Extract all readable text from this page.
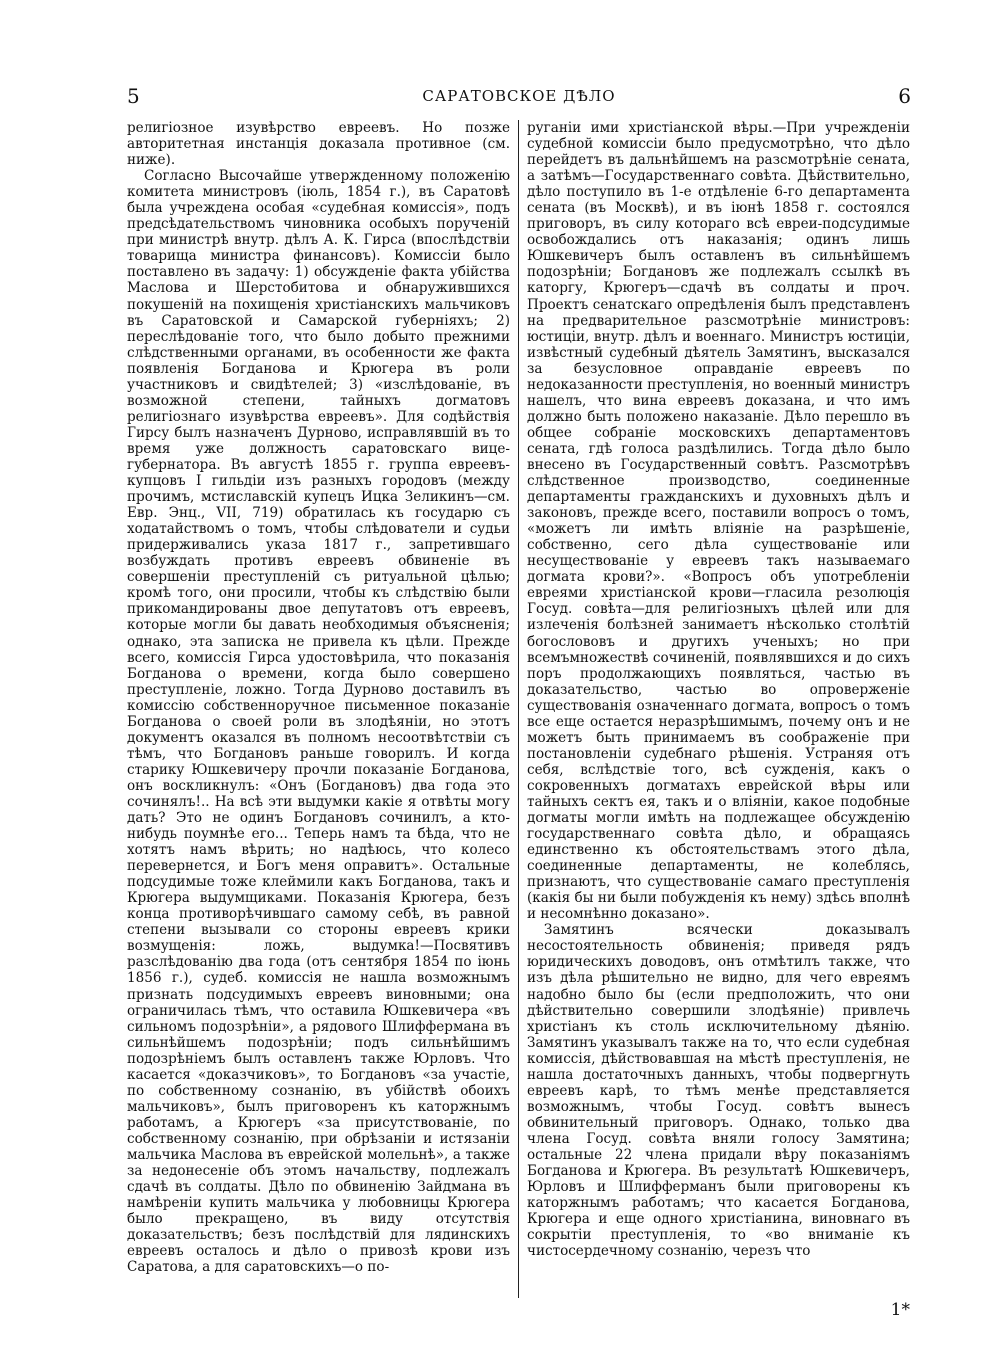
5	САРАТОВСКОЕ ДѢЛО	6

религіозное изувѣрство евреевъ. Но позже авторитетная инстанція доказала противное (см. ниже).

Согласно Высочайше утвержденному положенію комитета министровъ (іюль, 1854 г.), въ Саратовѣ была учреждена особая «судебная комиссія», подъ предсѣдательствомъ чиновника особыхъ порученій при министрѣ внутр. дѣлъ А. К. Гирса (впослѣдствіи товарища министра финансовъ). Комиссіи было поставлено въ задачу: 1) обсужденіе факта убійства Маслова и Шерстобитова и обнаружившихся покушеній на похищенія христіанскихъ мальчиковъ въ Саратовской и Самарской губерніяхъ; 2) переслѣдованіе того, что было добыто прежними слѣдственными органами, въ особенности же факта появленія Богданова и Крюгера въ роли участниковъ и свидѣтелей; 3) «изслѣдованіе, въ возможной степени, тайныхъ догматовъ религіознаго изувѣрства евреевъ». Для содѣйствія Гирсу былъ назначенъ Дурново, исправлявшій въ то время уже должность саратовскаго вице-губернатора. Въ августѣ 1855 г. группа евреевъ-купцовъ I гильдіи изъ разныхъ городовъ (между прочимъ, мстиславскій купецъ Ицка Зеликинъ—см. Евр. Энц., VII, 719) обратилась къ государю съ ходатайствомъ о томъ, чтобы слѣдователи и судьи придерживались указа 1817 г., запретившаго возбуждать противъ евреевъ обвиненіе въ совершеніи преступленій съ ритуальной цѣлью; кромѣ того, они просили, чтобы къ слѣдствію были прикомандированы двое депутатовъ отъ евреевъ, которые могли бы давать необходимыя объясненія; однако, эта записка не привела къ цѣли. Прежде всего, комиссія Гирса удостовѣрила, что показанія Богданова о времени, когда было совершено преступленіе, ложно. Тогда Дурново доставилъ въ комиссію собственноручное письменное показаніе Богданова о своей роли въ злодѣяніи, но этотъ документъ оказался въ полномъ несоотвѣтствіи съ тѣмъ, что Богдановъ раньше говорилъ. И когда старику Юшкевичеру прочли показаніе Богданова, онъ воскликнулъ: «Онъ (Богдановъ) два года это сочинялъ!.. На всѣ эти выдумки какіе я отвѣты могу дать? Это не одинъ Богдановъ сочинилъ, а кто-нибудь поумнѣе его... Теперь намъ та бѣда, что не хотятъ намъ вѣрить; но надѣюсь, что колесо перевернется, и Богъ меня оправитъ». Остальные подсудимые тоже клеймили какъ Богданова, такъ и Крюгера выдумщиками. Показанія Крюгера, безъ конца противорѣчившаго самому себѣ, въ равной степени вызывали со стороны евреевъ крики возмущенія: ложь, выдумка!—Посвятивъ разслѣдованію два года (отъ сентября 1854 по іюнь 1856 г.), судеб. комиссія не нашла возможнымъ признать подсудимыхъ евреевъ виновными; она ограничилась тѣмъ, что оставила Юшкевичера «въ сильномъ подозрѣніи», а рядового Шлиффермана въ сильнѣйшемъ подозрѣніи; подъ сильнѣйшимъ подозрѣніемъ былъ оставленъ также Юрловъ. Что касается «доказчиковъ», то Богдановъ «за участіе, по собственному сознанію, въ убійствѣ обоихъ мальчиковъ», былъ приговоренъ къ каторжнымъ работамъ, а Крюгеръ «за присутствованіе, по собственному сознанію, при обрѣзаніи и истязаніи мальчика Маслова въ еврейской молельнѣ», а также за недонесеніе объ этомъ начальству, подлежалъ сдачѣ въ солдаты. Дѣло по обвиненію Зайдмана въ намѣреніи купить мальчика у любовницы Крюгера было прекращено, въ виду отсутствія доказательствъ; безъ послѣдствій для лядинскихъ евреевъ осталось и дѣло о привозѣ крови изъ Саратова, а для саратовскихъ—о по-

руганіи ими христіанской вѣры.—При учрежденіи судебной комиссіи было предусмотрѣно, что дѣло перейдетъ въ дальнѣйшемъ на разсмотрѣніе сената, а затѣмъ—Государственнаго совѣта. Дѣйствительно, дѣло поступило въ 1-е отдѣленіе 6-го департамента сената (въ Москвѣ), и въ іюнѣ 1858 г. состоялся приговоръ, въ силу котораго всѣ евреи-подсудимые освобождались отъ наказанія; одинъ лишь Юшкевичеръ былъ оставленъ въ сильнѣйшемъ подозрѣніи; Богдановъ же подлежалъ ссылкѣ въ каторгу, Крюгеръ—сдачѣ въ солдаты и проч. Проектъ сенатскаго опредѣленія былъ представленъ на предварительное разсмотрѣніе министровъ: юстиціи, внутр. дѣлъ и военнаго. Министръ юстиціи, извѣстный судебный дѣятель Замятинъ, высказался за безусловное оправданіе евреевъ по недоказанности преступленія, но военный министръ нашелъ, что вина евреевъ доказана, и что имъ должно быть положено наказаніе. Дѣло перешло въ общее собраніе московскихъ департаментовъ сената, гдѣ голоса раздѣлились. Тогда дѣло было внесено въ Государственный совѣтъ. Разсмотрѣвъ слѣдственное производство, соединенные департаменты гражданскихъ и духовныхъ дѣлъ и законовъ, прежде всего, поставили вопросъ о томъ, «можетъ ли имѣть вліяніе на разрѣшеніе, собственно, сего дѣла существованіе или несуществованіе у евреевъ такъ называемаго догмата крови?». «Вопросъ объ употребленіи евреями христіанской крови—гласила резолюція Госуд. совѣта—для религіозныхъ цѣлей или для излеченія болѣзней занимаетъ нѣсколько столѣтій богослововъ и другихъ ученыхъ; но при всемъмножествѣ сочиненій, появлявшихся и до сихъ поръ продолжающихъ появляться, частью въ доказательство, частью во опроверженіе существованія означеннаго догмата, вопросъ о томъ все еще остается неразрѣшимымъ, почему онъ и не можетъ быть принимаемъ въ соображеніе при постановленіи судебнаго рѣшенія. Устраняя отъ себя, вслѣдствіе того, всѣ сужденія, какъ о сокровенныхъ догматахъ еврейской вѣры или тайныхъ сектъ ея, такъ и о вліяніи, какое подобные догматы могли имѣть на подлежащее обсужденію государственнаго совѣта дѣло, и обращаясь единственно къ обстоятельствамъ этого дѣла, соединенные департаменты, не колеблясь, признаютъ, что существованіе самаго преступленія (какія бы ни были побужденія къ нему) здѣсь вполнѣ и несомнѣнно доказано».

Замятинъ всячески доказывалъ несостоятельность обвиненія; приведя рядъ юридическихъ доводовъ, онъ отмѣтилъ также, что изъ дѣла рѣшительно не видно, для чего евреямъ надобно было бы (если предположить, что они дѣйствительно совершили злодѣяніе) привлечь христіанъ къ столь исключительному дѣянію. Замятинъ указывалъ также на то, что если судебная комиссія, дѣйствовавшая на мѣстѣ преступленія, не нашла достаточныхъ данныхъ, чтобы подвергнуть евреевъ карѣ, то тѣмъ менѣе представляется возможнымъ, чтобы Госуд. совѣтъ вынесъ обвинительный приговоръ. Однако, только два члена Госуд. совѣта вняли голосу Замятина; остальные 22 члена придали вѣру показаніямъ Богданова и Крюгера. Въ результатѣ Юшкевичеръ, Юрловъ и Шлифферманъ были приговорены къ каторжнымъ работамъ; что касается Богданова, Крюгера и еще одного христіанина, виновнаго въ сокрытіи преступленія, то «во вниманіе къ чистосердечному сознанію, черезъ что

1*
